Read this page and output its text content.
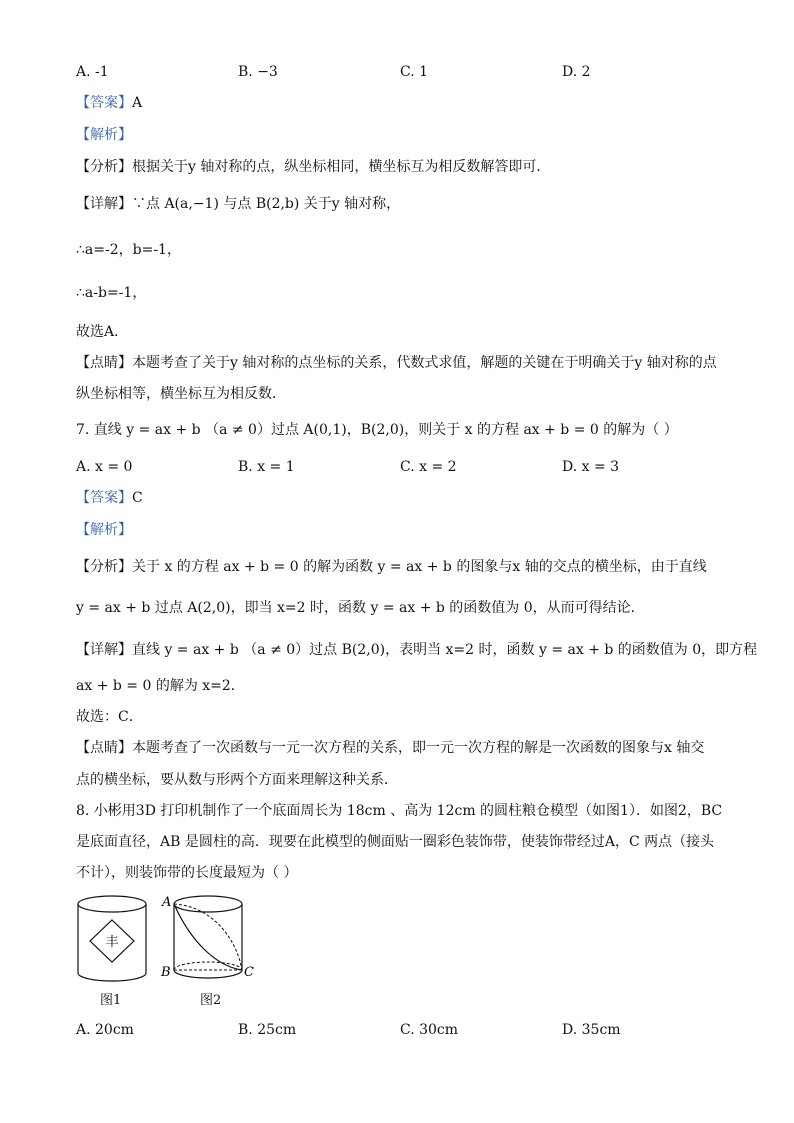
A. -1	B. −3	C. 1	D. 2
【答案】A
【解析】
【分析】根据关于y 轴对称的点，纵坐标相同，横坐标互为相反数解答即可．
【详解】∵点 A(a,−1) 与点 B(2,b) 关于y 轴对称，
∴a=-2，b=-1，
∴a-b=-1，
故选A．
【点睛】本题考查了关于y 轴对称的点坐标的关系，代数式求值，解题的关键在于明确关于y 轴对称的点
纵坐标相等，横坐标互为相反数．
7. 直线 y = ax + b （a ≠ 0）过点 A(0,1)，B(2,0)，则关于 x 的方程 ax + b = 0 的解为（ ）
A. x = 0	B. x = 1	C. x = 2	D. x = 3
【答案】C
【解析】
【分析】关于 x 的方程 ax + b = 0 的解为函数 y = ax + b 的图象与x 轴的交点的横坐标，由于直线
y = ax + b 过点 A(2,0)，即当 x=2 时，函数 y = ax + b 的函数值为 0，从而可得结论．
【详解】直线 y = ax + b （a ≠ 0）过点 B(2,0)，表明当 x=2 时，函数 y = ax + b 的函数值为 0，即方程
ax + b = 0 的解为 x=2．
故选：C．
【点睛】本题考查了一次函数与一元一次方程的关系，即一元一次方程的解是一次函数的图象与x 轴交
点的横坐标，要从数与形两个方面来理解这种关系．
8. 小彬用3D 打印机制作了一个底面周长为 18cm 、高为 12cm 的圆柱粮仓模型（如图1）．如图2，BC
是底面直径，AB 是圆柱的高．现要在此模型的侧面贴一圈彩色装饰带，使装饰带经过A，C 两点（接头
不计），则装饰带的长度最短为（ ）
丰
图1
A
B	C
图2
A. 20cm	B. 25cm	C. 30cm	D. 35cm
